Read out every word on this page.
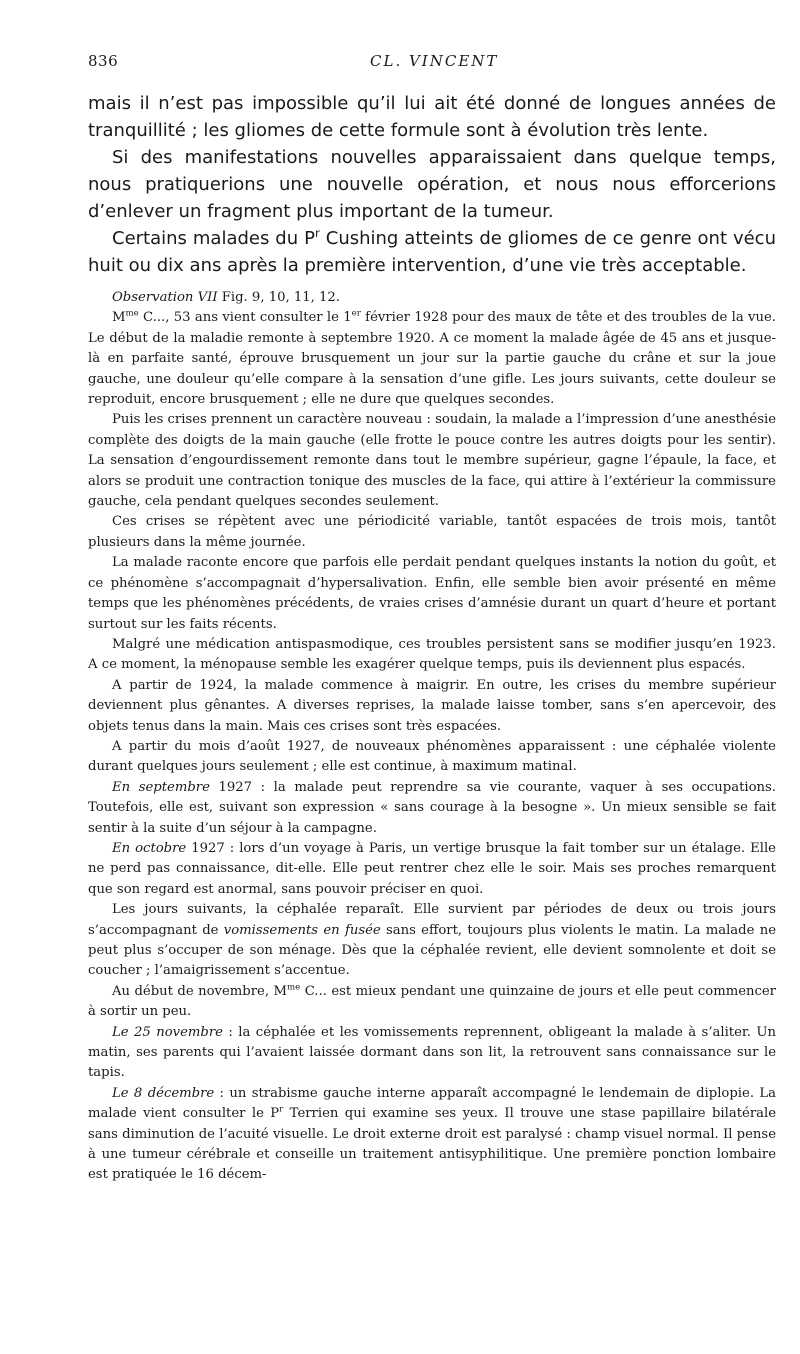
836	CL. VINCENT

mais il n’est pas impossible qu’il lui ait été donné de longues années de tranquillité ; les gliomes de cette formule sont à évolution très lente.

Si des manifestations nouvelles apparaissaient dans quelque temps, nous pratiquerions une nouvelle opération, et nous nous efforcerions d’enlever un fragment plus important de la tumeur.

Certains malades du $P^r$ Cushing atteints de gliomes de ce genre ont vécu huit ou dix ans après la première intervention, d’une vie très acceptable.

Observation VII Fig. 9, 10, 11, 12.

$M^{me}$ C..., 53 ans vient consulter le 1er février 1928 pour des maux de tête et des troubles de la vue. Le début de la maladie remonte à septembre 1920. A ce moment la malade âgée de 45 ans et jusque-là en parfaite santé, éprouve brusquement un jour sur la partie gauche du crâne et sur la joue gauche, une douleur qu’elle compare à la sensation d’une gifle. Les jours suivants, cette douleur se reproduit, encore brusquement ; elle ne dure que quelques secondes.

Puis les crises prennent un caractère nouveau : soudain, la malade a l’impression d’une anesthésie complète des doigts de la main gauche (elle frotte le pouce contre les autres doigts pour les sentir). La sensation d’engourdissement remonte dans tout le membre supérieur, gagne l’épaule, la face, et alors se produit une contraction tonique des muscles de la face, qui attire à l’extérieur la commissure gauche, cela pendant quelques secondes seulement.

Ces crises se répètent avec une périodicité variable, tantôt espacées de trois mois, tantôt plusieurs dans la même journée.

La malade raconte encore que parfois elle perdait pendant quelques instants la notion du goût, et ce phénomène s’accompagnait d’hypersalivation. Enfin, elle semble bien avoir présenté en même temps que les phénomènes précédents, de vraies crises d’amnésie durant un quart d’heure et portant surtout sur les faits récents.

Malgré une médication antispasmodique, ces troubles persistent sans se modifier jusqu’en 1923. A ce moment, la ménopause semble les exagérer quelque temps, puis ils deviennent plus espacés.

A partir de 1924, la malade commence à maigrir. En outre, les crises du membre supérieur deviennent plus gênantes. A diverses reprises, la malade laisse tomber, sans s’en apercevoir, des objets tenus dans la main. Mais ces crises sont très espacées.

A partir du mois d’août 1927, de nouveaux phénomènes apparaissent : une céphalée violente durant quelques jours seulement ; elle est continue, à maximum matinal.

En septembre 1927 : la malade peut reprendre sa vie courante, vaquer à ses occupations. Toutefois, elle est, suivant son expression « sans courage à la besogne ». Un mieux sensible se fait sentir à la suite d’un séjour à la campagne.

En octobre 1927 : lors d’un voyage à Paris, un vertige brusque la fait tomber sur un étalage. Elle ne perd pas connaissance, dit-elle. Elle peut rentrer chez elle le soir. Mais ses proches remarquent que son regard est anormal, sans pouvoir préciser en quoi.

Les jours suivants, la céphalée reparaît. Elle survient par périodes de deux ou trois jours s’accompagnant de vomissements en fusée sans effort, toujours plus violents le matin. La malade ne peut plus s’occuper de son ménage. Dès que la céphalée revient, elle devient somnolente et doit se coucher ; l’amaigrissement s’accentue.

Au début de novembre, $M^{me}$ C... est mieux pendant une quinzaine de jours et elle peut commencer à sortir un peu.

Le 25 novembre : la céphalée et les vomissements reprennent, obligeant la malade à s’aliter. Un matin, ses parents qui l’avaient laissée dormant dans son lit, la retrouvent sans connaissance sur le tapis.

Le 8 décembre : un strabisme gauche interne apparaît accompagné le lendemain de diplopie. La malade vient consulter le $P^r$ Terrien qui examine ses yeux. Il trouve une stase papillaire bilatérale sans diminution de l’acuité visuelle. Le droit externe droit est paralysé : champ visuel normal. Il pense à une tumeur cérébrale et conseille un traitement antisyphilitique. Une première ponction lombaire est pratiquée le 16 décem-
